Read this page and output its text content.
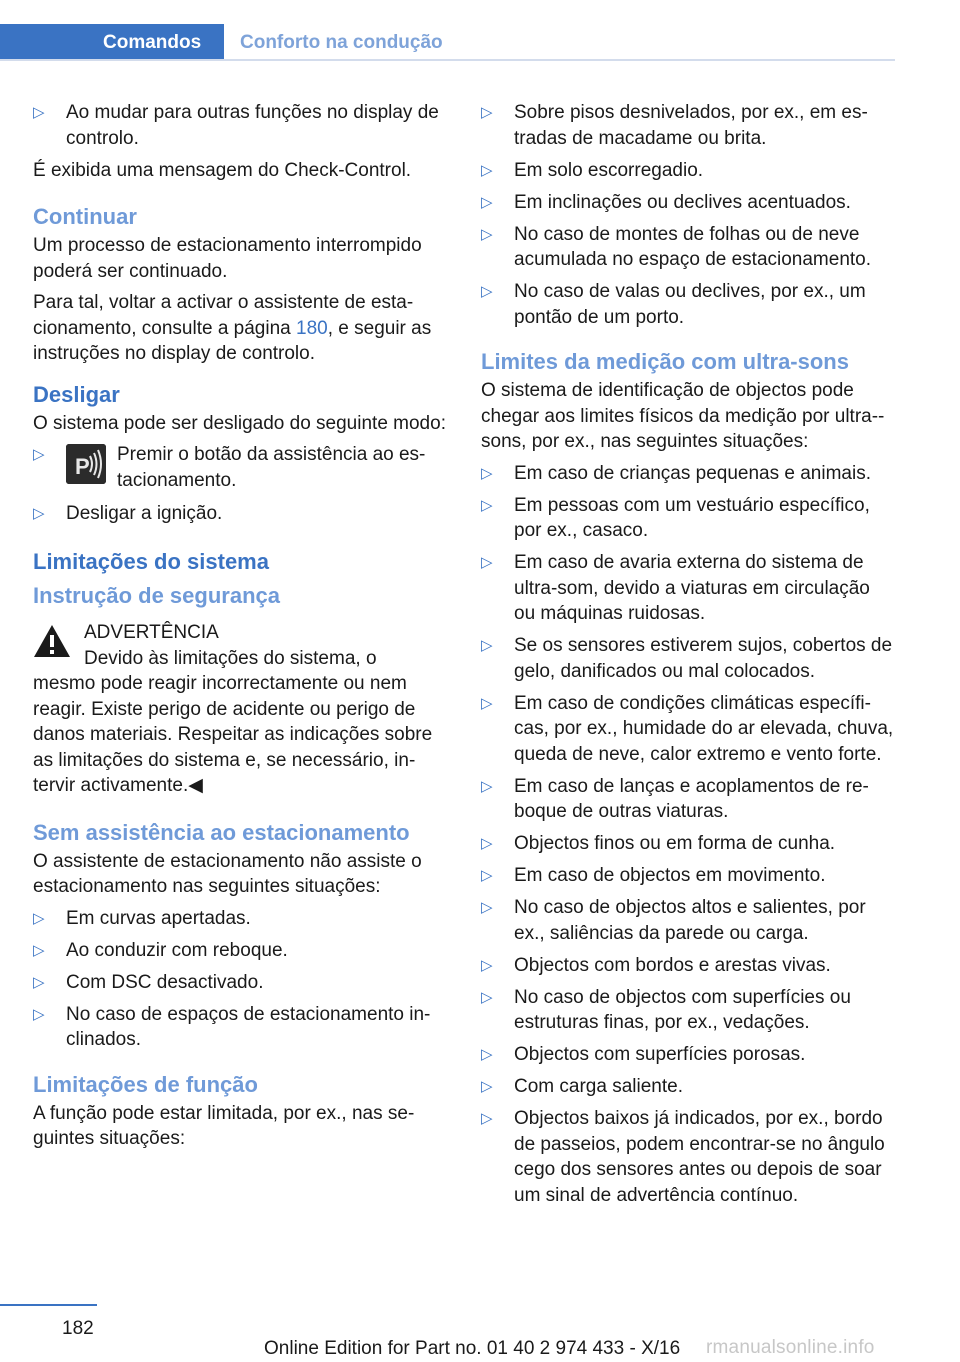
Comandos	Conforto na condução
▷ Ao mudar para outras funções no display de controlo.

É exibida uma mensagem do Check-Control.

Continuar

Um processo de estacionamento interrompido poderá ser continuado.

Para tal, voltar a activar o assistente de esta-cionamento, consulte a página 180, e seguir as instruções no display de controlo.

Desligar

O sistema pode ser desligado do seguinte modo:

▷ P Premir o botão da assistência ao es-tacionamento.
▷ Desligar a ignição.
Limitações do sistema
Instrução de segurança
ADVERTÊNCIA
Devido às limitações do sistema, o
mesmo pode reagir incorrectamente ou nem reagir. Existe perigo de acidente ou perigo de danos materiais. Respeitar as indicações sobre as limitações do sistema e, se necessário, in-tervir activamente.◀
Sem assistência ao estacionamento

O assistente de estacionamento não assiste o estacionamento nas seguintes situações:

▷ Em curvas apertadas.
▷ Ao conduzir com reboque.
▷ Com DSC desactivado.
▷ No caso de espaços de estacionamento in-clinados.
Limitações de função

A função pode estar limitada, por ex., nas se-guintes situações:

▷ Sobre pisos desnivelados, por ex., em es-tradas de macadame ou brita.
▷ Em solo escorregadio.
▷ Em inclinações ou declives acentuados.
▷ No caso de montes de folhas ou de neve acumulada no espaço de estacionamento.
▷ No caso de valas ou declives, por ex., um pontão de um porto.
Limites da medição com ultra-sons

O sistema de identificação de objectos pode chegar aos limites físicos da medição por ultra--sons, por ex., nas seguintes situações:

▷ Em caso de crianças pequenas e animais.
▷ Em pessoas com um vestuário específico, por ex., casaco.
▷ Em caso de avaria externa do sistema de ultra-som, devido a viaturas em circulação ou máquinas ruidosas.
▷ Se os sensores estiverem sujos, cobertos de gelo, danificados ou mal colocados.
▷ Em caso de condições climáticas específi-cas, por ex., humidade do ar elevada, chuva, queda de neve, calor extremo e vento forte.
▷ Em caso de lanças e acoplamentos de re-boque de outras viaturas.
▷ Objectos finos ou em forma de cunha.
▷ Em caso de objectos em movimento.
▷ No caso de objectos altos e salientes, por ex., saliências da parede ou carga.
▷ Objectos com bordos e arestas vivas.
▷ No caso de objectos com superfícies ou estruturas finas, por ex., vedações.
▷ Objectos com superfícies porosas.
▷ Com carga saliente.
▷ Objectos baixos já indicados, por ex., bordo de passeios, podem encontrar-se no ângulo cego dos sensores antes ou depois de soar um sinal de advertência contínuo.
182
Online Edition for Part no. 01 40 2 974 433 - X/16 rmanualsonline.info
